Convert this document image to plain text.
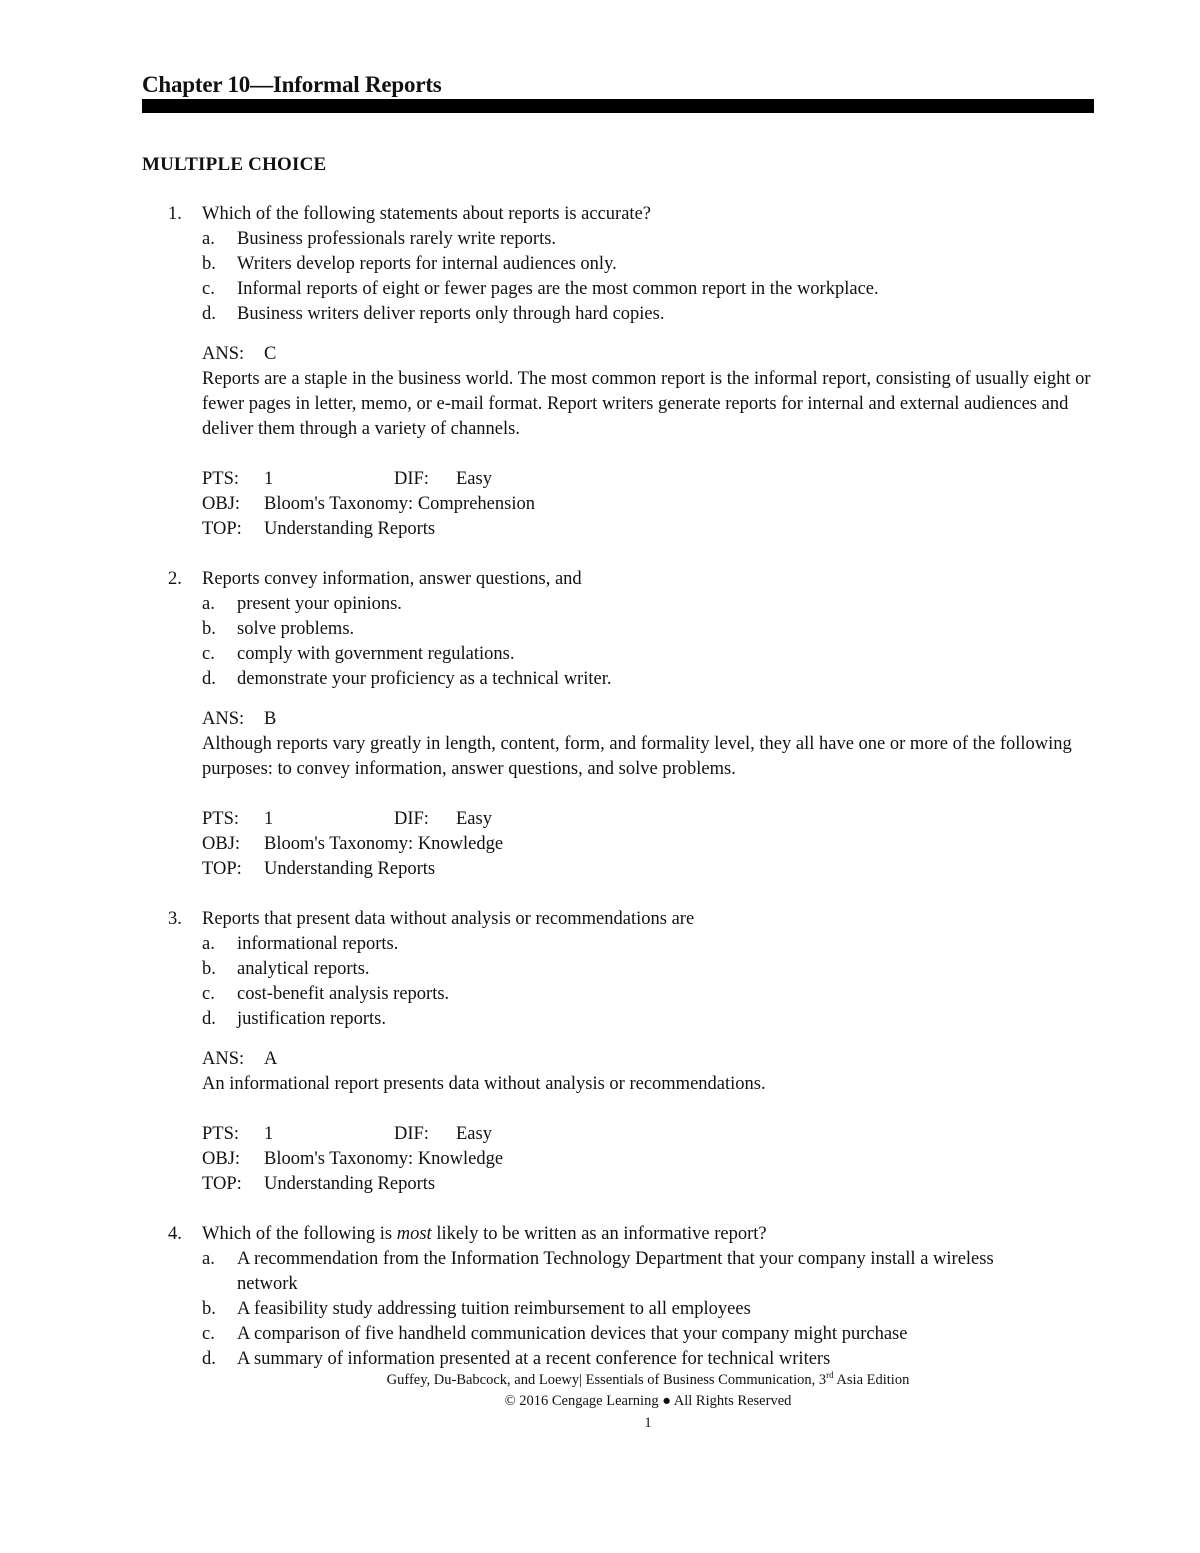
Chapter 10—Informal Reports
MULTIPLE CHOICE
1.	Which of the following statements about reports is accurate?
a.	Business professionals rarely write reports.
b.	Writers develop reports for internal audiences only.
c.	Informal reports of eight or fewer pages are the most common report in the workplace.
d.	Business writers deliver reports only through hard copies.
ANS: C
Reports are a staple in the business world. The most common report is the informal report, consisting of usually eight or fewer pages in letter, memo, or e-mail format. Report writers generate reports for internal and external audiences and deliver them through a variety of channels.
PTS:	1	DIF:	Easy
OBJ:	Bloom's Taxonomy: Comprehension
TOP:	Understanding Reports
2.	Reports convey information, answer questions, and
a.	present your opinions.
b.	solve problems.
c.	comply with government regulations.
d.	demonstrate your proficiency as a technical writer.
ANS: B
Although reports vary greatly in length, content, form, and formality level, they all have one or more of the following purposes: to convey information, answer questions, and solve problems.
PTS:	1	DIF:	Easy
OBJ:	Bloom's Taxonomy: Knowledge
TOP:	Understanding Reports
3.	Reports that present data without analysis or recommendations are
a.	informational reports.
b.	analytical reports.
c.	cost-benefit analysis reports.
d.	justification reports.
ANS: A
An informational report presents data without analysis or recommendations.
PTS:	1	DIF:	Easy
OBJ:	Bloom's Taxonomy: Knowledge
TOP:	Understanding Reports
4.	Which of the following is most likely to be written as an informative report?
a.	A recommendation from the Information Technology Department that your company install a wireless network
b.	A feasibility study addressing tuition reimbursement to all employees
c.	A comparison of five handheld communication devices that your company might purchase
d.	A summary of information presented at a recent conference for technical writers
Guffey, Du-Babcock, and Loewy| Essentials of Business Communication, 3rd Asia Edition
© 2016 Cengage Learning ● All Rights Reserved
1
